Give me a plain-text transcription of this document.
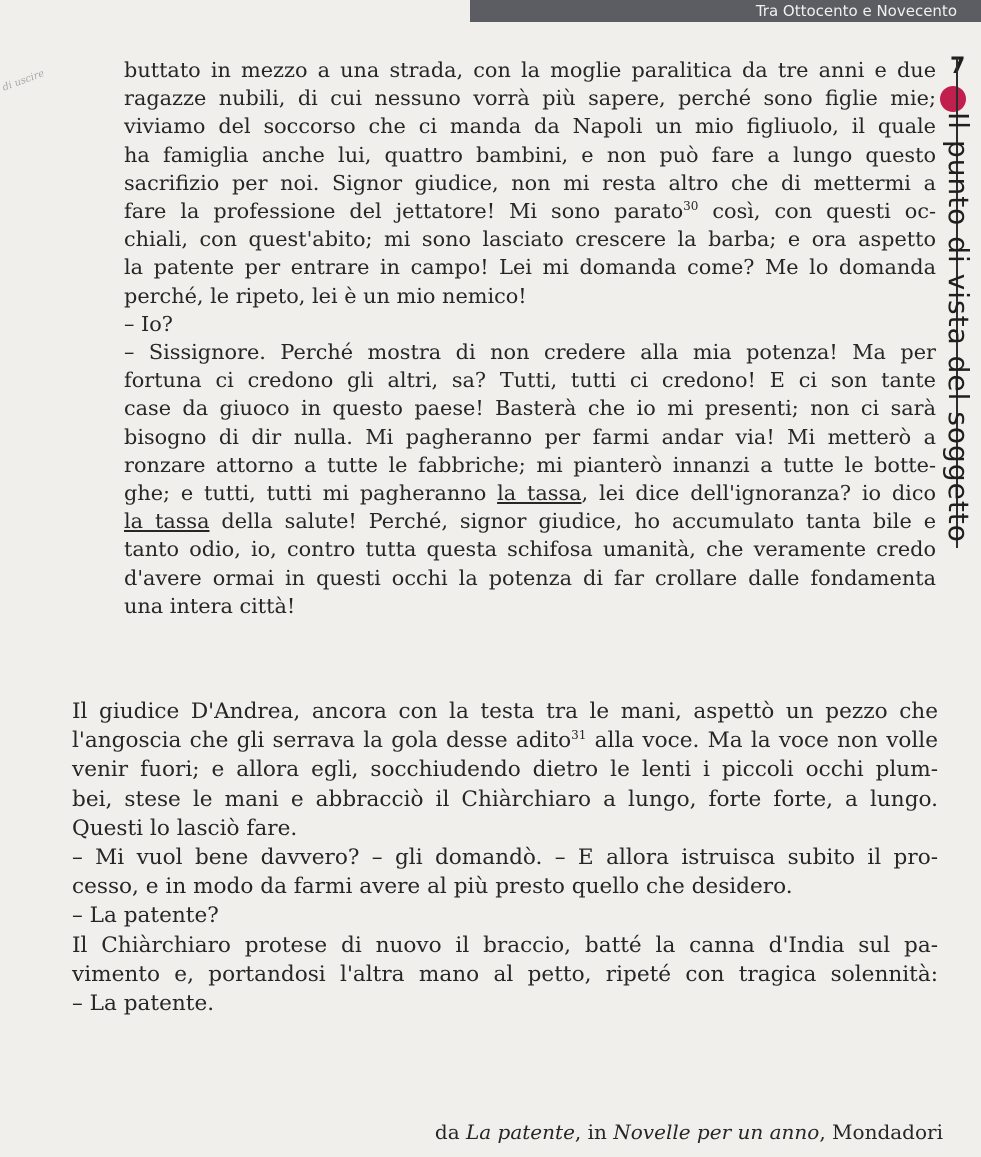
Tra Ottocento e Novecento
7
Il punto di vista del soggetto
di uscire	buttato in mezzo a una strada, con la moglie paralitica da tre anni e due
ragazze nubili, di cui nessuno vorrà più sapere, perché sono figlie mie;
viviamo del soccorso che ci manda da Napoli un mio figliuolo, il quale
ha famiglia anche lui, quattro bambini, e non può fare a lungo questo
sacrifizio per noi. Signor giudice, non mi resta altro che di mettermi a
fare la professione del jettatore! Mi sono parato$^{30}$ così, con questi oc-
chiali, con quest'abito; mi sono lasciato crescere la barba; e ora aspetto
la patente per entrare in campo! Lei mi domanda come? Me lo domanda
perché, le ripeto, lei è un mio nemico!
– Io?
– Sissignore. Perché mostra di non credere alla mia potenza! Ma per
fortuna ci credono gli altri, sa? Tutti, tutti ci credono! E ci son tante
case da giuoco in questo paese! Basterà che io mi presenti; non ci sarà
bisogno di dir nulla. Mi pagheranno per farmi andar via! Mi metterò a
ronzare attorno a tutte le fabbriche; mi pianterò innanzi a tutte le botte-
ghe; e tutti, tutti mi pagheranno la tassa, lei dice dell'ignoranza? io dico
la tassa della salute! Perché, signor giudice, ho accumulato tanta bile e
tanto odio, io, contro tutta questa schifosa umanità, che veramente credo
d'avere ormai in questi occhi la potenza di far crollare dalle fondamenta
una intera città!
Il giudice D'Andrea, ancora con la testa tra le mani, aspettò un pezzo che
l'angoscia che gli serrava la gola desse adito$^{31}$ alla voce. Ma la voce non volle
venir fuori; e allora egli, socchiudendo dietro le lenti i piccoli occhi plum-
bei, stese le mani e abbracciò il Chiàrchiaro a lungo, forte forte, a lungo.
Questi lo lasciò fare.
– Mi vuol bene davvero? – gli domandò. – E allora istruisca subito il pro-
cesso, e in modo da farmi avere al più presto quello che desidero.
– La patente?
Il Chiàrchiaro protese di nuovo il braccio, batté la canna d'India sul pa-
vimento e, portandosi l'altra mano al petto, ripeté con tragica solennità:
– La patente.
da La patente, in Novelle per un anno, Mondadori
